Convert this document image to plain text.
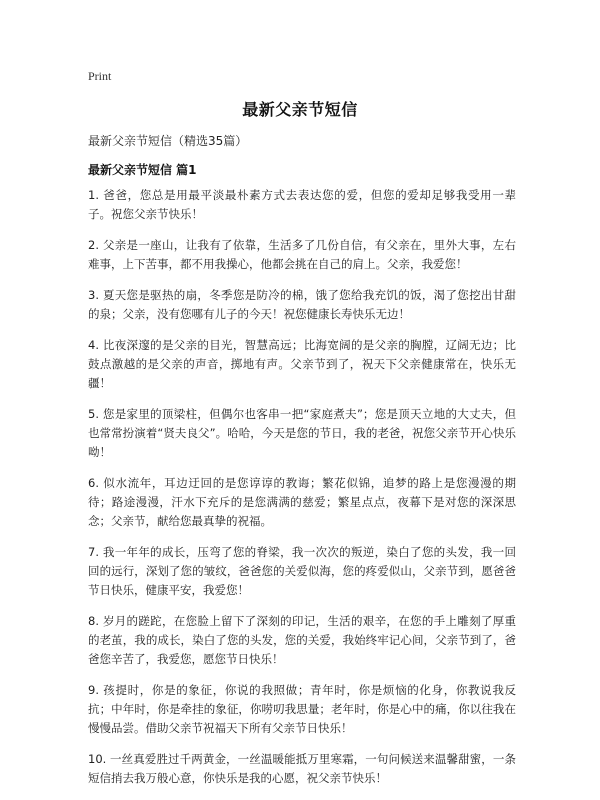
Print
最新父亲节短信
最新父亲节短信（精选35篇）
最新父亲节短信 篇1

1. 爸爸，您总是用最平淡最朴素方式去表达您的爱，但您的爱却足够我受用一辈子。祝您父亲节快乐！

2. 父亲是一座山，让我有了依靠，生活多了几份自信，有父亲在，里外大事，左右难事，上下苦事，都不用我操心，他都会挑在自己的肩上。父亲，我爱您！

3. 夏天您是驱热的扇，冬季您是防冷的棉，饿了您给我充饥的饭，渴了您挖出甘甜的泉；父亲，没有您哪有儿子的今天！祝您健康长寿快乐无边！

4. 比夜深邃的是父亲的目光，智慧高远；比海宽阔的是父亲的胸膛，辽阔无边；比鼓点激越的是父亲的声音，掷地有声。父亲节到了，祝天下父亲健康常在，快乐无疆！

5. 您是家里的顶梁柱，但偶尔也客串一把“家庭煮夫”；您是顶天立地的大丈夫，但也常常扮演着“贤夫良父”。哈哈，今天是您的节日，我的老爸，祝您父亲节开心快乐呦！

6. 似水流年，耳边迂回的是您谆谆的教诲；繁花似锦，追梦的路上是您漫漫的期待；路途漫漫，汗水下充斥的是您满满的慈爱；繁星点点，夜幕下是对您的深深思念；父亲节，献给您最真挚的祝福。

7. 我一年年的成长，压弯了您的脊梁，我一次次的叛逆，染白了您的头发，我一回回的远行，深划了您的皱纹，爸爸您的关爱似海，您的疼爱似山，父亲节到，愿爸爸节日快乐，健康平安，我爱您！

8. 岁月的蹉跎，在您脸上留下了深刻的印记，生活的艰辛，在您的手上雕刻了厚重的老茧，我的成长，染白了您的头发，您的关爱，我始终牢记心间，父亲节到了，爸爸您辛苦了，我爱您，愿您节日快乐！

9. 孩提时，你是的象征，你说的我照做；青年时，你是烦恼的化身，你教说我反抗；中年时，你是牵挂的象征，你唠叨我思量；老年时，你是心中的痛，你以往我在慢慢品尝。借助父亲节祝福天下所有父亲节日快乐！

10. 一丝真爱胜过千两黄金，一丝温暖能抵万里寒霜，一句问候送来温馨甜蜜，一条短信捎去我万般心意，你快乐是我的心愿，祝父亲节快乐！
